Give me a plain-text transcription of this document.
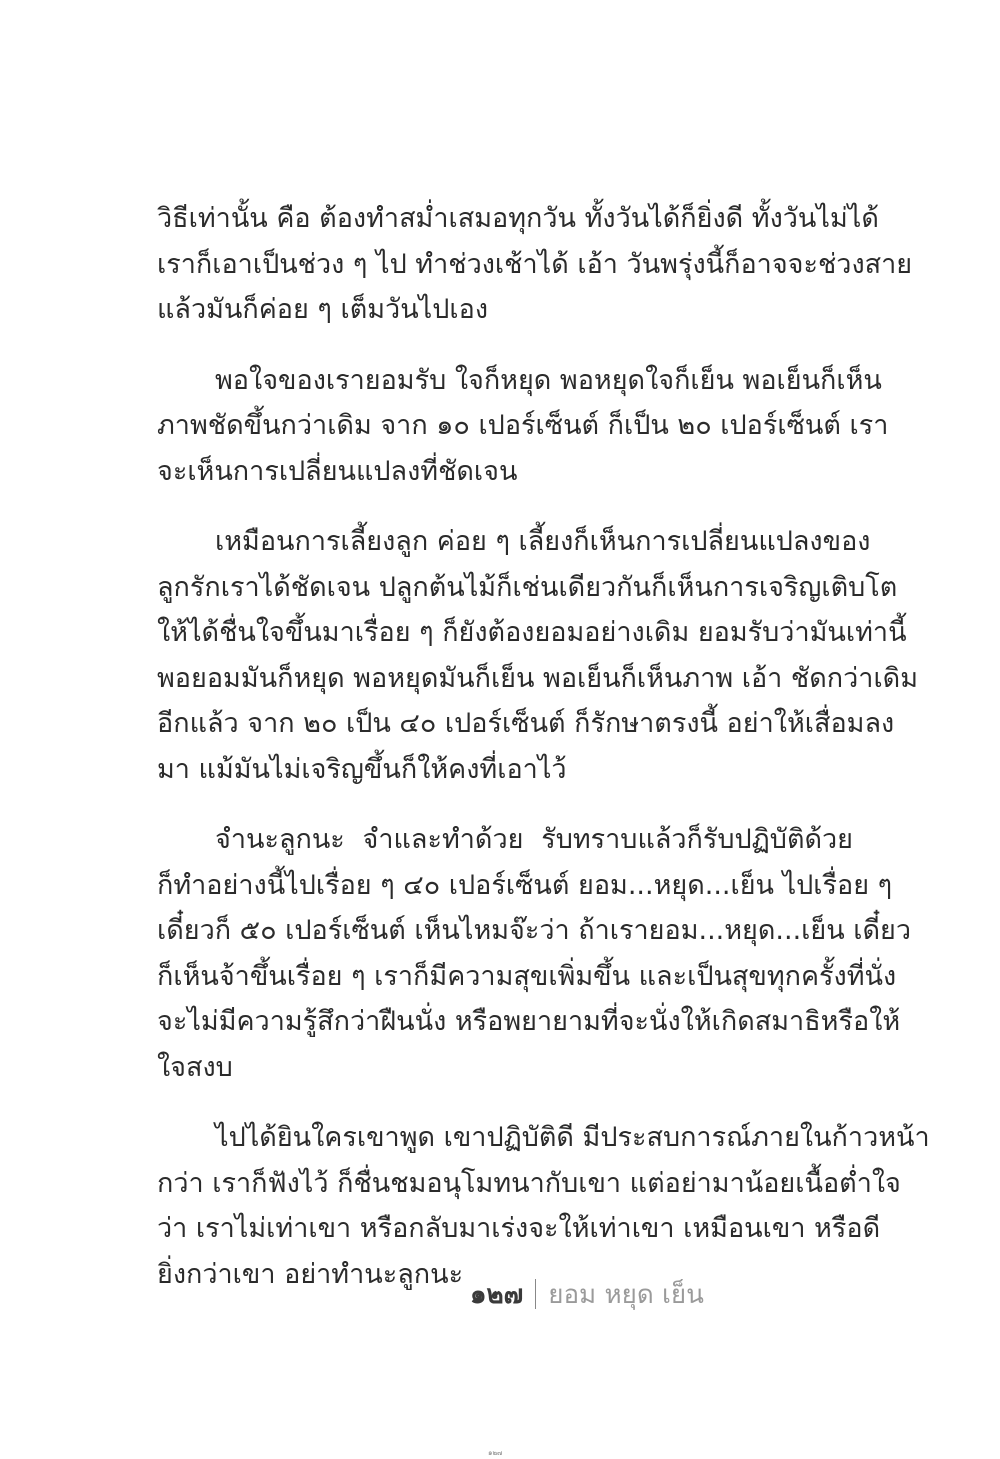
วิธีเท่านั้น คือ ต้องทำสม่ำเสมอทุกวัน ทั้งวันได้ก็ยิ่งดี ทั้งวันไม่ได้
เราก็เอาเป็นช่วง ๆ ไป ทำช่วงเช้าได้ เอ้า วันพรุ่งนี้ก็อาจจะช่วงสาย
แล้วมันก็ค่อย ๆ เต็มวันไปเอง
พอใจของเรายอมรับ ใจก็หยุด พอหยุดใจก็เย็น พอเย็นก็เห็น
ภาพชัดขึ้นกว่าเดิม จาก ๑๐ เปอร์เซ็นต์ ก็เป็น ๒๐ เปอร์เซ็นต์ เรา
จะเห็นการเปลี่ยนแปลงที่ชัดเจน
เหมือนการเลี้ยงลูก ค่อย ๆ เลี้ยงก็เห็นการเปลี่ยนแปลงของ
ลูกรักเราได้ชัดเจน ปลูกต้นไม้ก็เช่นเดียวกันก็เห็นการเจริญเติบโต
ให้ได้ชื่นใจขึ้นมาเรื่อย ๆ ก็ยังต้องยอมอย่างเดิม ยอมรับว่ามันเท่านี้
พอยอมมันก็หยุด พอหยุดมันก็เย็น พอเย็นก็เห็นภาพ เอ้า ชัดกว่าเดิม
อีกแล้ว จาก ๒๐ เป็น ๔๐ เปอร์เซ็นต์ ก็รักษาตรงนี้ อย่าให้เสื่อมลง
มา แม้มันไม่เจริญขึ้นก็ให้คงที่เอาไว้
จำนะลูกนะ จำและทำด้วย รับทราบแล้วก็รับปฏิบัติด้วย
ก็ทำอย่างนี้ไปเรื่อย ๆ ๔๐ เปอร์เซ็นต์ ยอม...หยุด...เย็น ไปเรื่อย ๆ
เดี๋ยวก็ ๕๐ เปอร์เซ็นต์ เห็นไหมจ๊ะว่า ถ้าเรายอม...หยุด...เย็น เดี๋ยว
ก็เห็นจ้าขึ้นเรื่อย ๆ เราก็มีความสุขเพิ่มขึ้น และเป็นสุขทุกครั้งที่นั่ง
จะไม่มีความรู้สึกว่าฝืนนั่ง หรือพยายามที่จะนั่งให้เกิดสมาธิหรือให้
ใจสงบ
ไปได้ยินใครเขาพูด เขาปฏิบัติดี มีประสบการณ์ภายในก้าวหน้า
กว่า เราก็ฟังไว้ ก็ชื่นชมอนุโมทนากับเขา แต่อย่ามาน้อยเนื้อต่ำใจ
ว่า เราไม่เท่าเขา หรือกลับมาเร่งจะให้เท่าเขา เหมือนเขา หรือดี
ยิ่งกว่าเขา อย่าทำนะลูกนะ
๑๒๗ ยอม หยุด เย็น
๑๒๗
